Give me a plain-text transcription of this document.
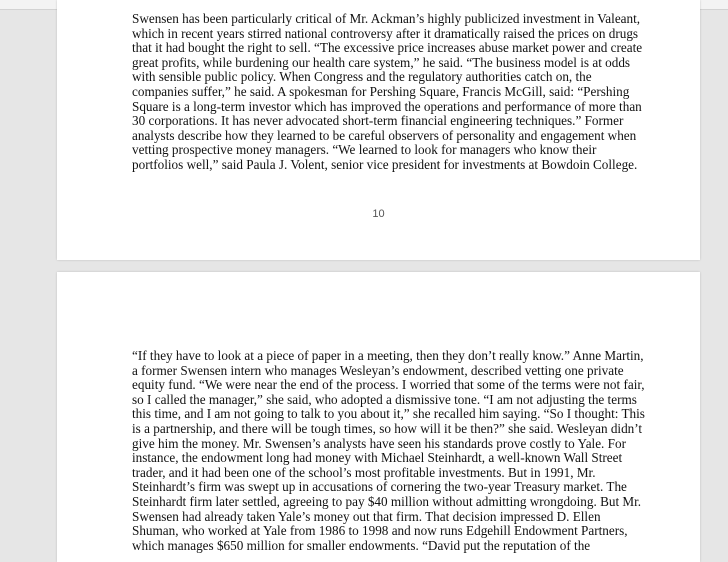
Swensen has been particularly critical of Mr. Ackman’s highly publicized investment in Valeant,
which in recent years stirred national controversy after it dramatically raised the prices on drugs
that it had bought the right to sell. “The excessive price increases abuse market power and create
great profits, while burdening our health care system,” he said. “The business model is at odds
with sensible public policy. When Congress and the regulatory authorities catch on, the
companies suffer,” he said. A spokesman for Pershing Square, Francis McGill, said: “Pershing
Square is a long-term investor which has improved the operations and performance of more than
30 corporations. It has never advocated short-term financial engineering techniques.” Former
analysts describe how they learned to be careful observers of personality and engagement when
vetting prospective money managers. “We learned to look for managers who know their
portfolios well,” said Paula J. Volent, senior vice president for investments at Bowdoin College.

10

“If they have to look at a piece of paper in a meeting, then they don’t really know.” Anne Martin,
a former Swensen intern who manages Wesleyan’s endowment, described vetting one private
equity fund. “We were near the end of the process. I worried that some of the terms were not fair,
so I called the manager,” she said, who adopted a dismissive tone. “I am not adjusting the terms
this time, and I am not going to talk to you about it,” she recalled him saying. “So I thought: This
is a partnership, and there will be tough times, so how will it be then?” she said. Wesleyan didn’t
give him the money. Mr. Swensen’s analysts have seen his standards prove costly to Yale. For
instance, the endowment long had money with Michael Steinhardt, a well-known Wall Street
trader, and it had been one of the school’s most profitable investments. But in 1991, Mr.
Steinhardt’s firm was swept up in accusations of cornering the two-year Treasury market. The
Steinhardt firm later settled, agreeing to pay $40 million without admitting wrongdoing. But Mr.
Swensen had already taken Yale’s money out that firm. That decision impressed D. Ellen
Shuman, who worked at Yale from 1986 to 1998 and now runs Edgehill Endowment Partners,
which manages $650 million for smaller endowments. “David put the reputation of the
